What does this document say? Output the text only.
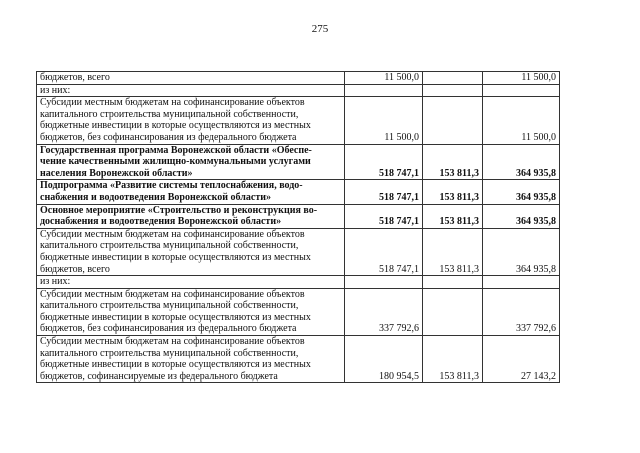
275
бюджетов, всего	11 500,0		11 500,0

из них:			

Субсидии местным бюджетам на софинансирование объектов
капитального строительства муниципальной собственности,
бюджетные инвестиции в которые осуществляются из местных
бюджетов, без софинансирования из федерального бюджета	11 500,0		11 500,0

Государственная программа Воронежской области «Обеспе-
чение качественными жилищно-коммунальными услугами
населения Воронежской области»	518 747,1	153 811,3	364 935,8

Подпрограмма «Развитие системы теплоснабжения, водо-
снабжения и водоотведения Воронежской области»	518 747,1	153 811,3	364 935,8

Основное мероприятие «Строительство и реконструкция во-
доснабжения и водоотведения Воронежской области»	518 747,1	153 811,3	364 935,8

Субсидии местным бюджетам на софинансирование объектов
капитального строительства муниципальной собственности,
бюджетные инвестиции в которые осуществляются из местных
бюджетов, всего	518 747,1	153 811,3	364 935,8

из них:			

Субсидии местным бюджетам на софинансирование объектов
капитального строительства муниципальной собственности,
бюджетные инвестиции в которые осуществляются из местных
бюджетов, без софинансирования из федерального бюджета	337 792,6		337 792,6

Субсидии местным бюджетам на софинансирование объектов
капитального строительства муниципальной собственности,
бюджетные инвестиции в которые осуществляются из местных
бюджетов, софинансируемые из федерального бюджета	180 954,5	153 811,3	27 143,2
